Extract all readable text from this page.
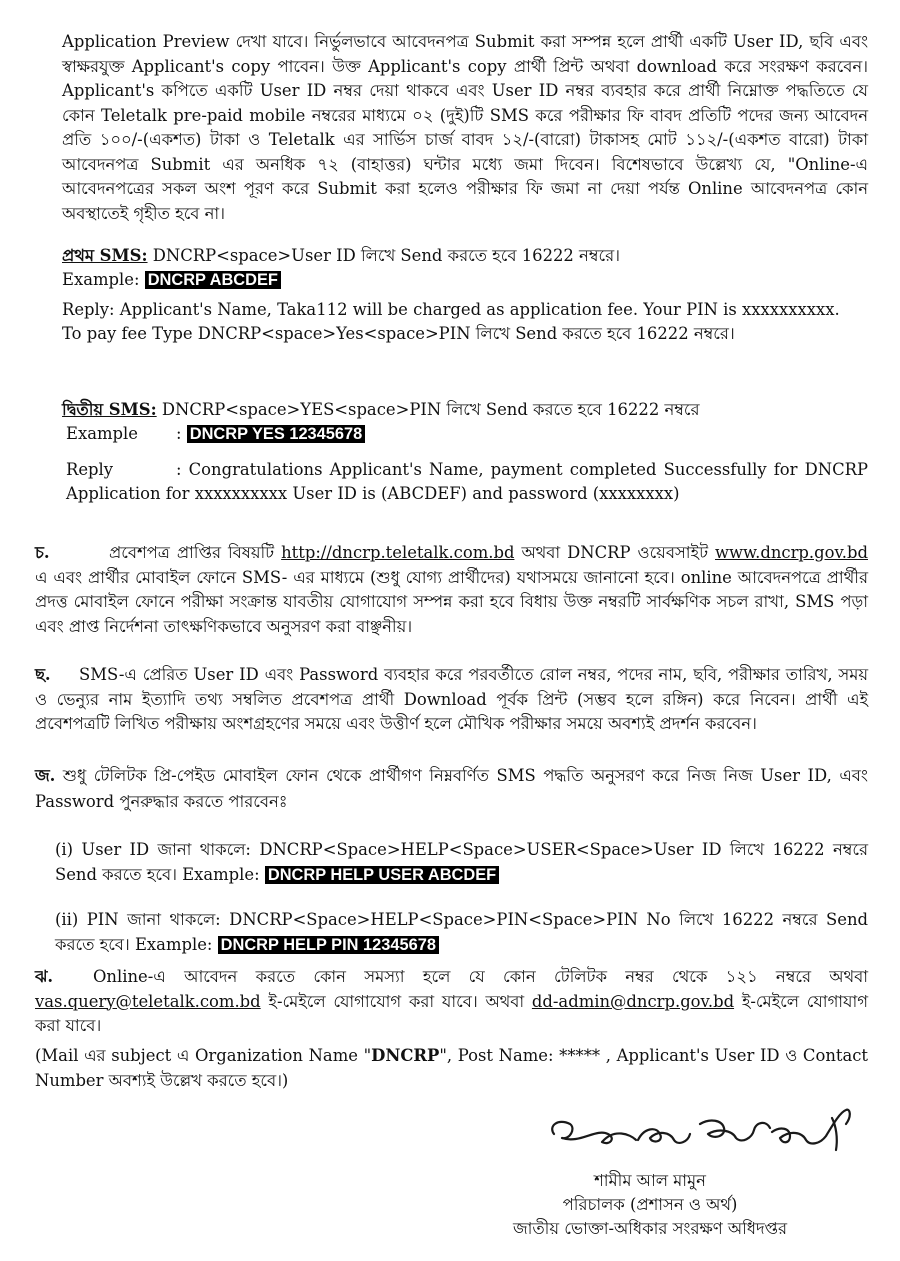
Application Preview দেখা যাবে। নির্ভুলভাবে আবেদনপত্র Submit করা সম্পন্ন হলে প্রার্থী একটি User ID, ছবি এবং স্বাক্ষরযুক্ত Applicant's copy পাবেন। উক্ত Applicant's copy প্রার্থী প্রিন্ট অথবা download করে সংরক্ষণ করবেন। Applicant's কপিতে একটি User ID নম্বর দেয়া থাকবে এবং User ID নম্বর ব্যবহার করে প্রার্থী নিম্নোক্ত পদ্ধতিতে যে কোন Teletalk pre-paid mobile নম্বরের মাধ্যমে ০২ (দুই)টি SMS করে পরীক্ষার ফি বাবদ প্রতিটি পদের জন্য আবেদন প্রতি ১০০/-(একশত) টাকা ও Teletalk এর সার্ভিস চার্জ বাবদ ১২/-(বারো) টাকাসহ মোট ১১২/-(একশত বারো) টাকা আবেদনপত্র Submit এর অনধিক ৭২ (বাহাত্তর) ঘন্টার মধ্যে জমা দিবেন। বিশেষভাবে উল্লেখ্য যে, "Online-এ আবেদনপত্রের সকল অংশ পূরণ করে Submit করা হলেও পরীক্ষার ফি জমা না দেয়া পর্যন্ত Online আবেদনপত্র কোন অবস্থাতেই গৃহীত হবে না।

প্রথম SMS: DNCRP<space>User ID লিখে Send করতে হবে 16222 নম্বরে।
Example: DNCRP ABCDEF
Reply: Applicant's Name, Taka112 will be charged as application fee. Your PIN is xxxxxxxxxx.
To pay fee Type DNCRP<space>Yes<space>PIN লিখে Send করতে হবে 16222 নম্বরে।
দ্বিতীয় SMS: DNCRP<space>YES<space>PIN লিখে Send করতে হবে 16222 নম্বরে
Example : DNCRP YES 12345678
Reply	: Congratulations Applicant's Name, payment completed Successfully for DNCRP Application for xxxxxxxxxx User ID is (ABCDEF) and password (xxxxxxxx)

চ.	প্রবেশপত্র প্রাপ্তির বিষয়টি http://dncrp.teletalk.com.bd অথবা DNCRP ওয়েবসাইট www.dncrp.gov.bd এ এবং প্রার্থীর মোবাইল ফোনে SMS- এর মাধ্যমে (শুধু যোগ্য প্রার্থীদের) যথাসময়ে জানানো হবে। online আবেদনপত্রে প্রার্থীর প্রদত্ত মোবাইল ফোনে পরীক্ষা সংক্রান্ত যাবতীয় যোগাযোগ সম্পন্ন করা হবে বিধায় উক্ত নম্বরটি সার্বক্ষণিক সচল রাখা, SMS পড়া এবং প্রাপ্ত নির্দেশনা তাৎক্ষণিকভাবে অনুসরণ করা বাঞ্ছনীয়।

ছ. SMS-এ প্রেরিত User ID এবং Password ব্যবহার করে পরবর্তীতে রোল নম্বর, পদের নাম, ছবি, পরীক্ষার তারিখ, সময় ও ভেন্যুর নাম ইত্যাদি তথ্য সম্বলিত প্রবেশপত্র প্রার্থী Download পূর্বক প্রিন্ট (সম্ভব হলে রঙ্গিন) করে নিবেন। প্রার্থী এই প্রবেশপত্রটি লিখিত পরীক্ষায় অংশগ্রহণের সময়ে এবং উত্তীর্ণ হলে মৌখিক পরীক্ষার সময়ে অবশ্যই প্রদর্শন করবেন।

জ. শুধু টেলিটক প্রি-পেইড মোবাইল ফোন থেকে প্রার্থীগণ নিম্নবর্ণিত SMS পদ্ধতি অনুসরণ করে নিজ নিজ User ID, এবং Password পুনরুদ্ধার করতে পারবেনঃ

(i) User ID জানা থাকলে: DNCRP<Space>HELP<Space>USER<Space>User ID লিখে 16222 নম্বরে Send করতে হবে। Example: DNCRP HELP USER ABCDEF

(ii) PIN জানা থাকলে: DNCRP<Space>HELP<Space>PIN<Space>PIN No লিখে 16222 নম্বরে Send করতে হবে। Example: DNCRP HELP PIN 12345678

ঝ. Online-এ আবেদন করতে কোন সমস্যা হলে যে কোন টেলিটক নম্বর থেকে ১২১ নম্বরে অথবা vas.query@teletalk.com.bd ই-মেইলে যোগাযোগ করা যাবে। অথবা dd-admin@dncrp.gov.bd ই-মেইলে যোগাযাগ করা যাবে।

(Mail এর subject এ Organization Name "DNCRP", Post Name: ***** , Applicant's User ID ও Contact Number অবশ্যই উল্লেখ করতে হবে।)

শামীম আল মামুন
পরিচালক (প্রশাসন ও অর্থ)
জাতীয় ভোক্তা-অধিকার সংরক্ষণ অধিদপ্তর
